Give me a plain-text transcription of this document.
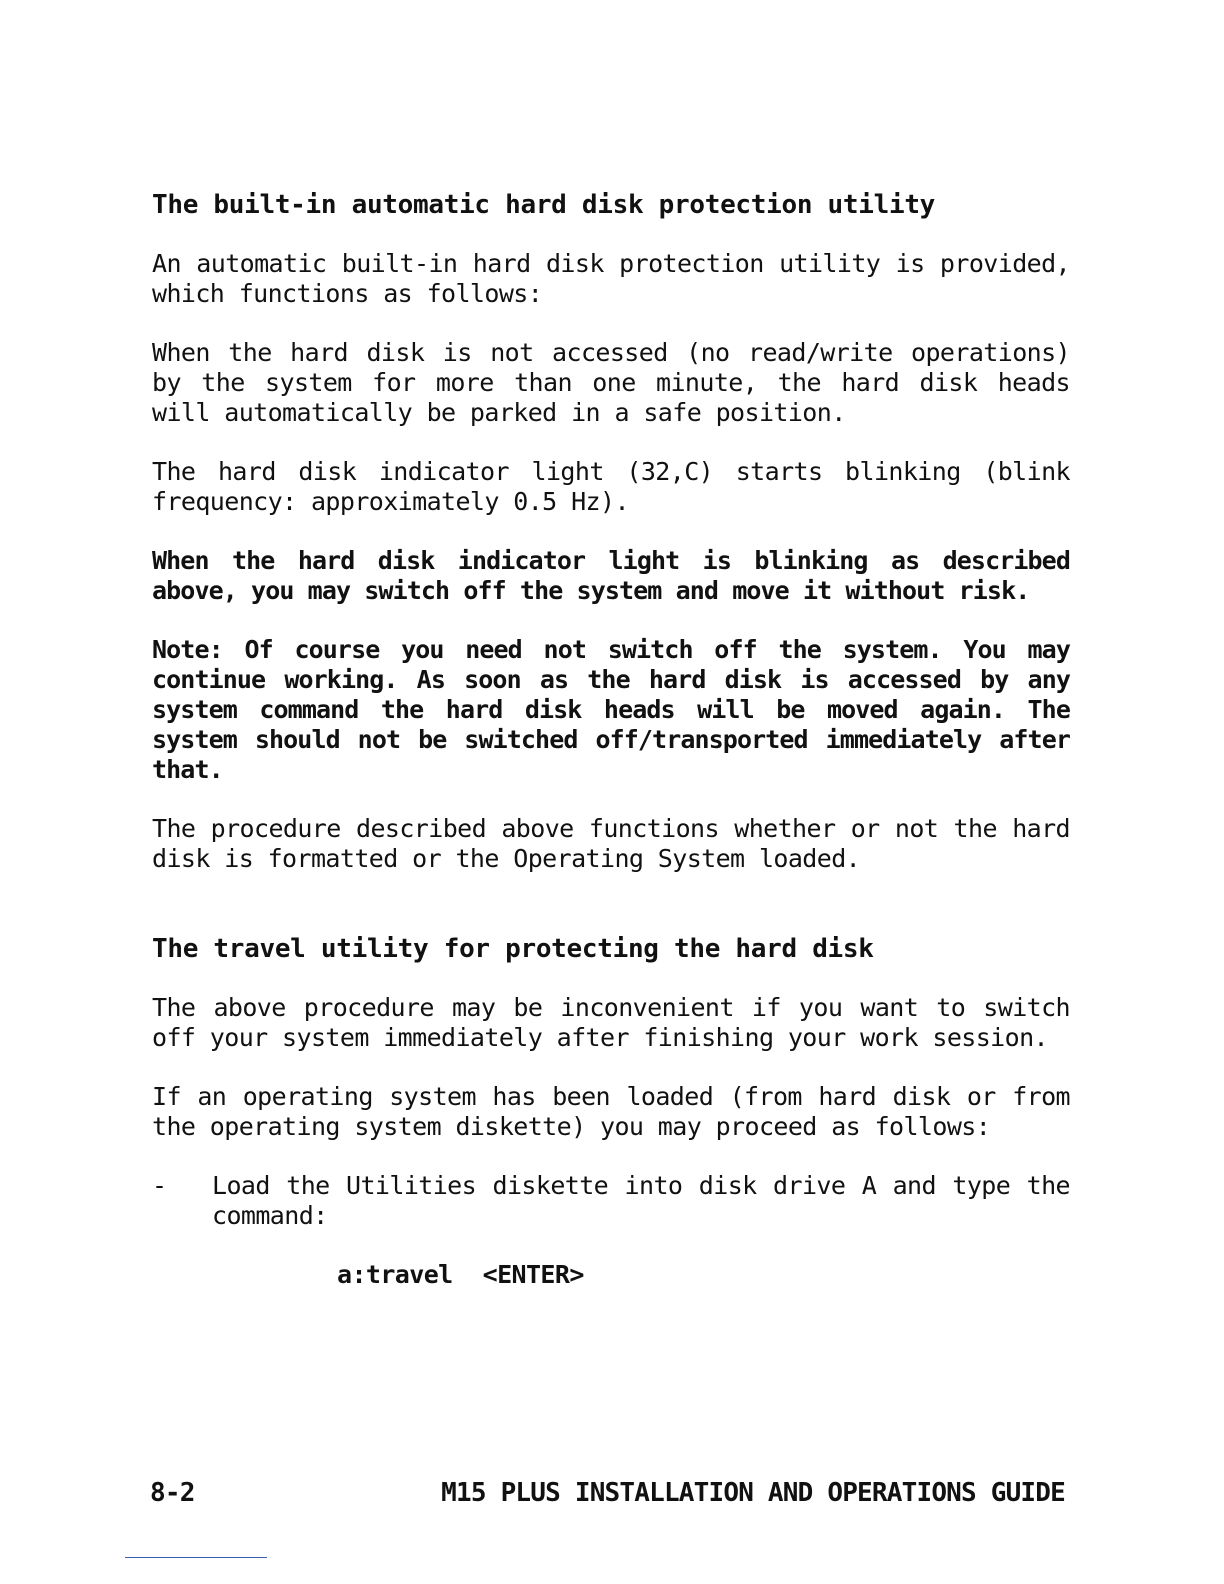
The built-in automatic hard disk protection utility

An automatic built-in hard disk protection utility is provided, which functions as follows:

When the hard disk is not accessed (no read/write operations) by the system for more than one minute, the hard disk heads will automatically be parked in a safe position.

The hard disk indicator light (32,C) starts blinking (blink frequency: approximately 0.5 Hz).

When the hard disk indicator light is blinking as described above, you may switch off the system and move it without risk.

Note: Of course you need not switch off the system. You may continue working. As soon as the hard disk is accessed by any system command the hard disk heads will be moved again. The system should not be switched off/transported immediately after that.

The procedure described above functions whether or not the hard disk is formatted or the Operating System loaded.

The travel utility for protecting the hard disk

The above procedure may be inconvenient if you want to switch off your system immediately after finishing your work session.

If an operating system has been loaded (from hard disk or from the operating system diskette) you may proceed as follows:

- Load the Utilities diskette into disk drive A and type the command:
a:travel <ENTER>
8-2	M15 PLUS INSTALLATION AND OPERATIONS GUIDE
